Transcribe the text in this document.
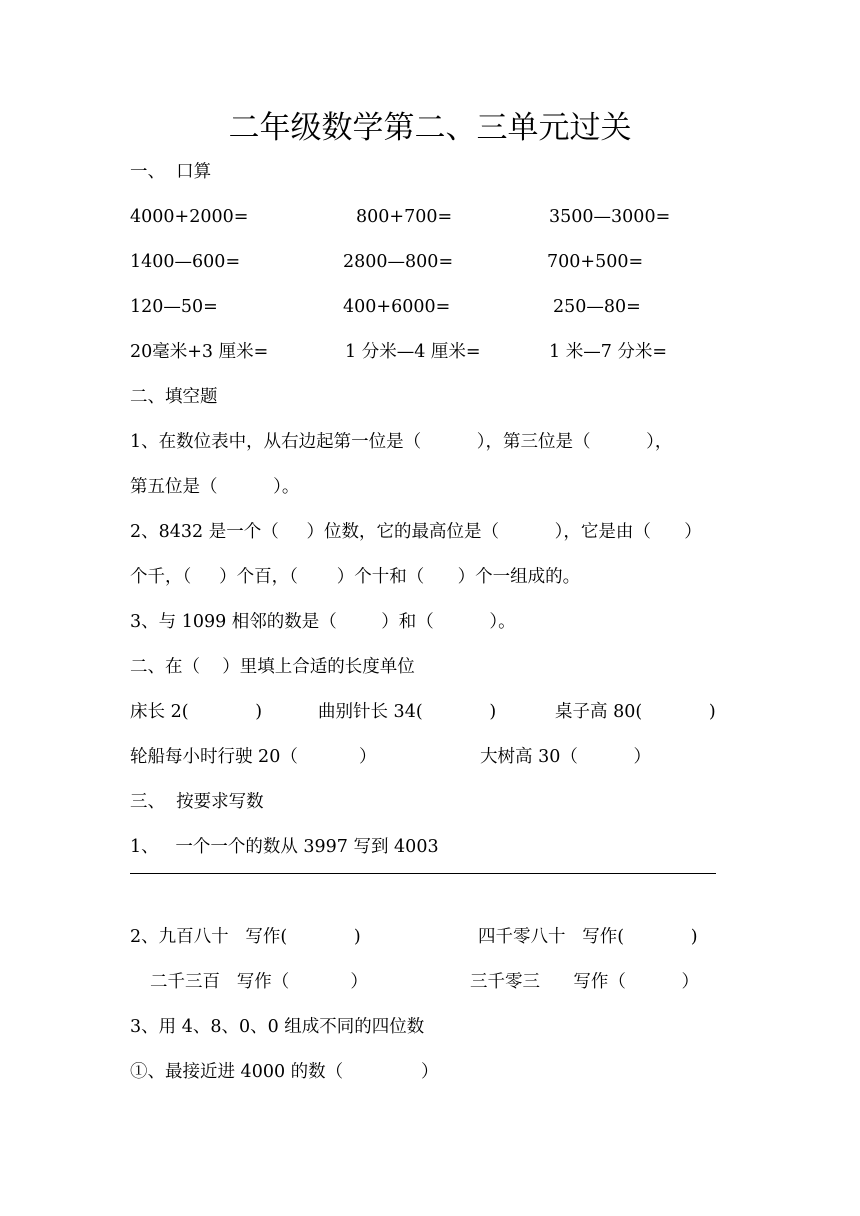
二年级数学第二、三单元过关
一、  口算
4000+2000=	800+700=	3500—3000=
1400—600=	2800—800=	700+500=
120—50=	400+6000=	250—80=
20毫米+3 厘米=	1 分米—4 厘米=	1 米—7 分米=
二、填空题
1、在数位表中，从右边起第一位是（          ），第三位是（          ），
第五位是（          ）。
2、8432 是一个（     ）位数，它的最高位是（          ），它是由（      ）
个千，（     ）个百，（       ）个十和（      ）个一组成的。
3、与 1099 相邻的数是（        ）和（          ）。
二、在（    ）里填上合适的长度单位
床长 2(            )	曲别针长 34(            )	桌子高 80(            )
轮船每小时行驶 20（           ）	大树高 30（          ）
三、  按要求写数
1、   一个一个的数从 3997 写到 4003
2、九百八十   写作(            )	四千零八十   写作(            )
二千三百   写作（           ）	三千零三      写作（          ）
3、用 4、8、0、0 组成不同的四位数
①、最接近进 4000 的数（              ）
